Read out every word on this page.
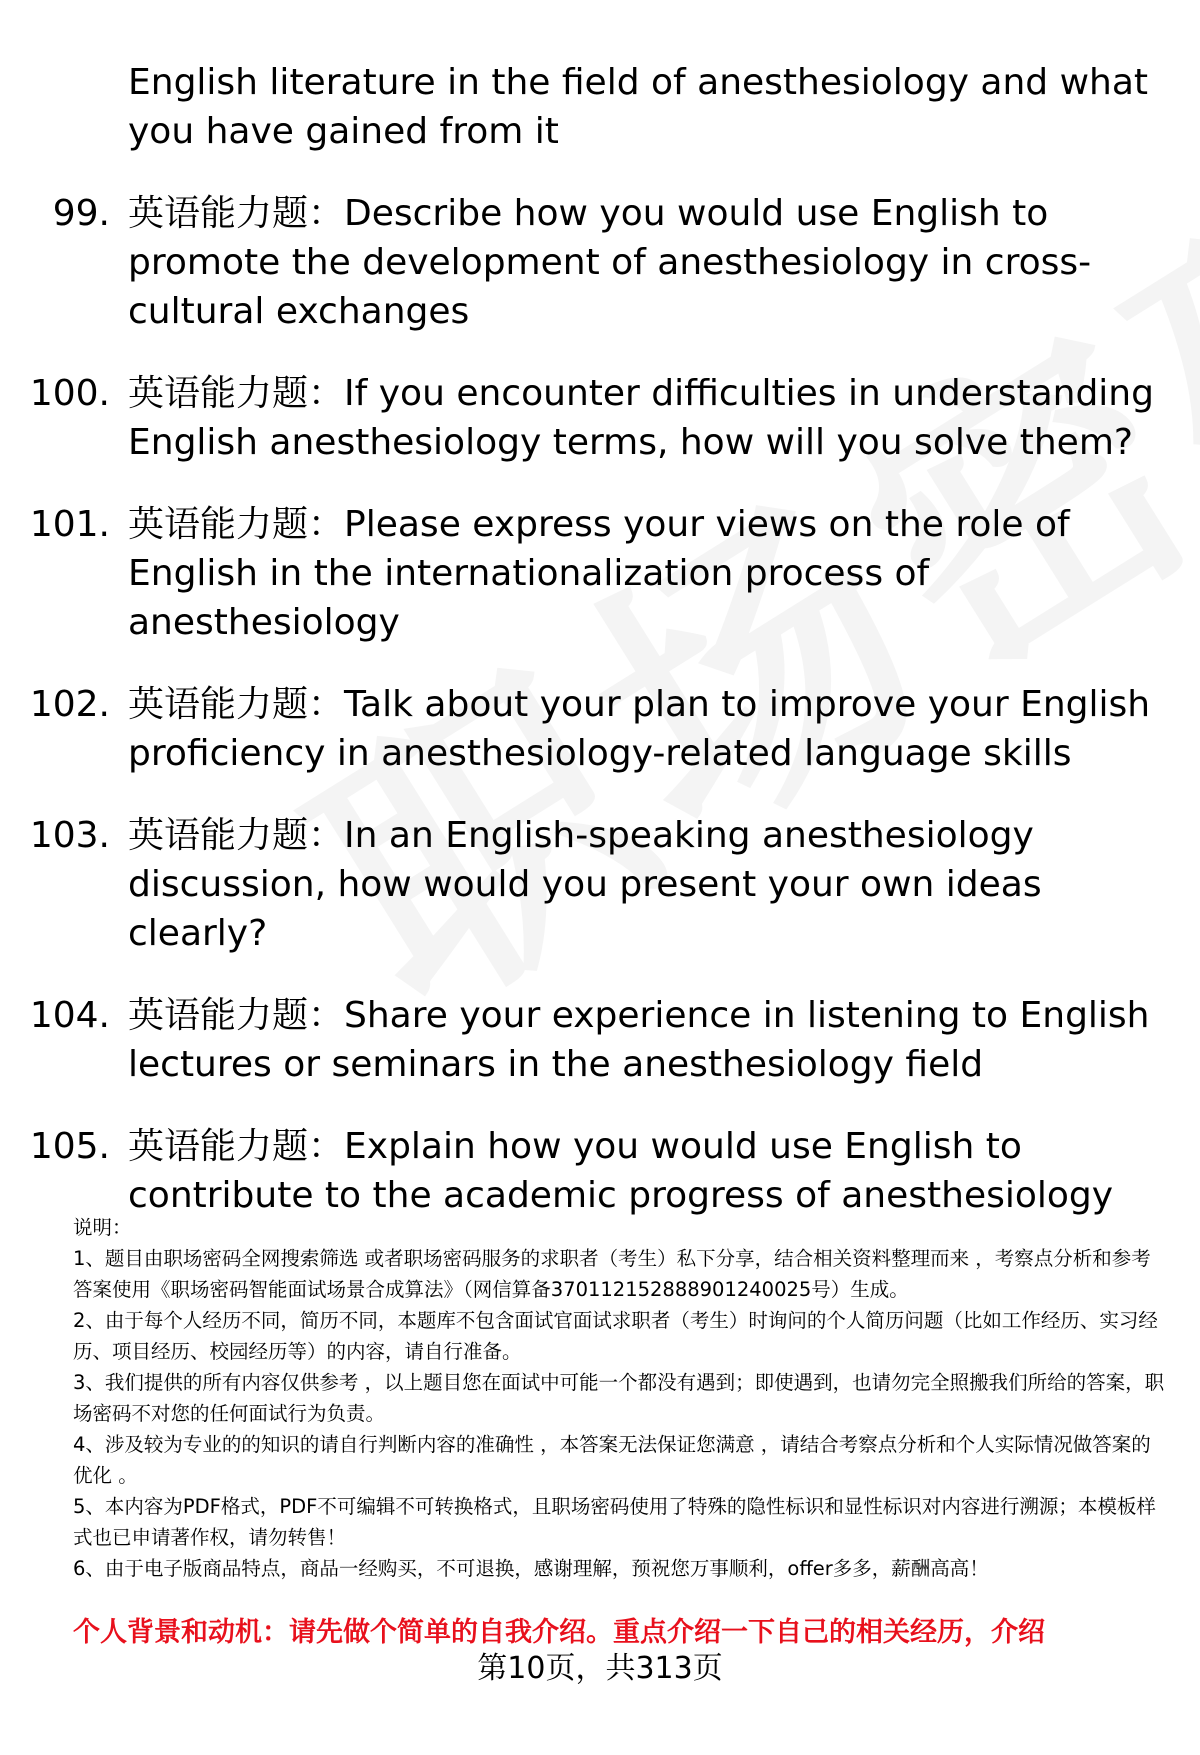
English literature in the field of anesthesiology and what you have gained from it
99. 英语能力题：Describe how you would use English to promote the development of anesthesiology in cross-cultural exchanges
100. 英语能力题：If you encounter difficulties in understanding English anesthesiology terms, how will you solve them?
101. 英语能力题：Please express your views on the role of English in the internationalization process of anesthesiology
102. 英语能力题：Talk about your plan to improve your English proficiency in anesthesiology-related language skills
103. 英语能力题：In an English-speaking anesthesiology discussion, how would you present your own ideas clearly?
104. 英语能力题：Share your experience in listening to English lectures or seminars in the anesthesiology field
105. 英语能力题：Explain how you would use English to contribute to the academic progress of anesthesiology
说明：
1、题目由职场密码全网搜索筛选 或者职场密码服务的求职者（考生）私下分享，结合相关资料整理而来 ，考察点分析和参考答案使用《职场密码智能面试场景合成算法》（网信算备370112152888901240025号）生成。
2、由于每个人经历不同，简历不同，本题库不包含面试官面试求职者（考生）时询问的个人简历问题（比如工作经历、实习经历、项目经历、校园经历等）的内容，请自行准备。
3、我们提供的所有内容仅供参考 ，以上题目您在面试中可能一个都没有遇到；即使遇到，也请勿完全照搬我们所给的答案，职场密码不对您的任何面试行为负责。
4、涉及较为专业的的知识的请自行判断内容的准确性 ，本答案无法保证您满意 ，请结合考察点分析和个人实际情况做答案的优化 。
5、本内容为PDF格式，PDF不可编辑不可转换格式，且职场密码使用了特殊的隐性标识和显性标识对内容进行溯源；本模板样式也已申请著作权，请勿转售！
6、由于电子版商品特点，商品一经购买，不可退换，感谢理解，预祝您万事顺利，offer多多，薪酬高高！
个人背景和动机：请先做个简单的自我介绍。重点介绍一下自己的相关经历，介绍
第10页，共313页
